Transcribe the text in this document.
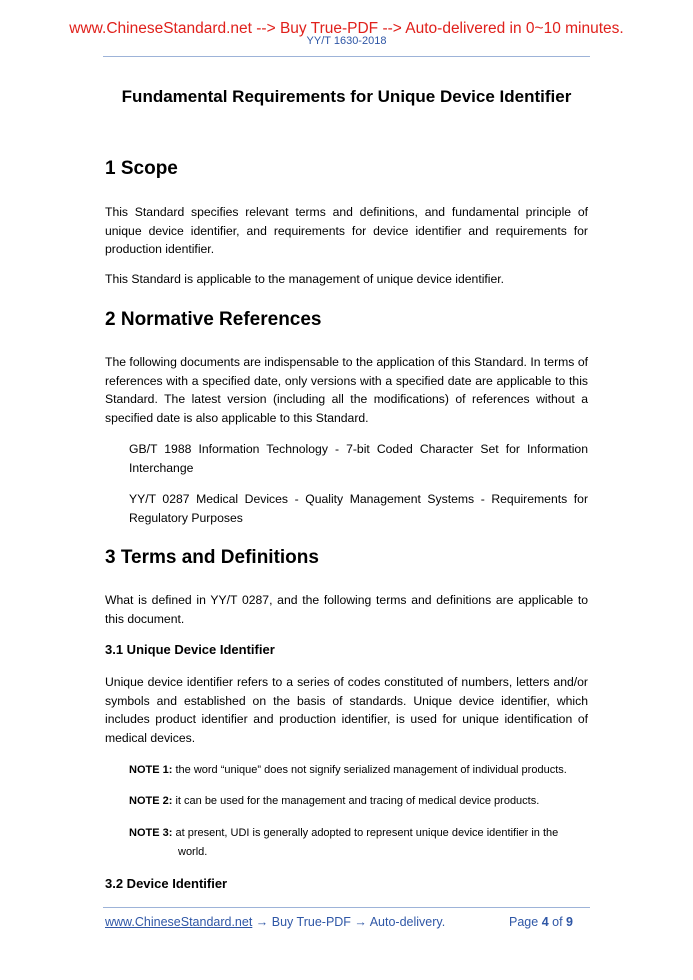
www.ChineseStandard.net --> Buy True-PDF --> Auto-delivered in 0~10 minutes.
YY/T 1630-2018
Fundamental Requirements for Unique Device Identifier
1 Scope

This Standard specifies relevant terms and definitions, and fundamental principle of unique device identifier, and requirements for device identifier and requirements for production identifier.

This Standard is applicable to the management of unique device identifier.

2 Normative References

The following documents are indispensable to the application of this Standard. In terms of references with a specified date, only versions with a specified date are applicable to this Standard. The latest version (including all the modifications) of references without a specified date is also applicable to this Standard.

GB/T 1988 Information Technology - 7-bit Coded Character Set for Information Interchange

YY/T 0287 Medical Devices - Quality Management Systems - Requirements for Regulatory Purposes

3 Terms and Definitions

What is defined in YY/T 0287, and the following terms and definitions are applicable to this document.

3.1 Unique Device Identifier

Unique device identifier refers to a series of codes constituted of numbers, letters and/or symbols and established on the basis of standards. Unique device identifier, which includes product identifier and production identifier, is used for unique identification of medical devices.

NOTE 1: the word “unique” does not signify serialized management of individual products.

NOTE 2: it can be used for the management and tracing of medical device products.

NOTE 3: at present, UDI is generally adopted to represent unique device identifier in the
world.

3.2 Device Identifier
www.ChineseStandard.net → Buy True-PDF → Auto-delivery.	Page 4 of 9
